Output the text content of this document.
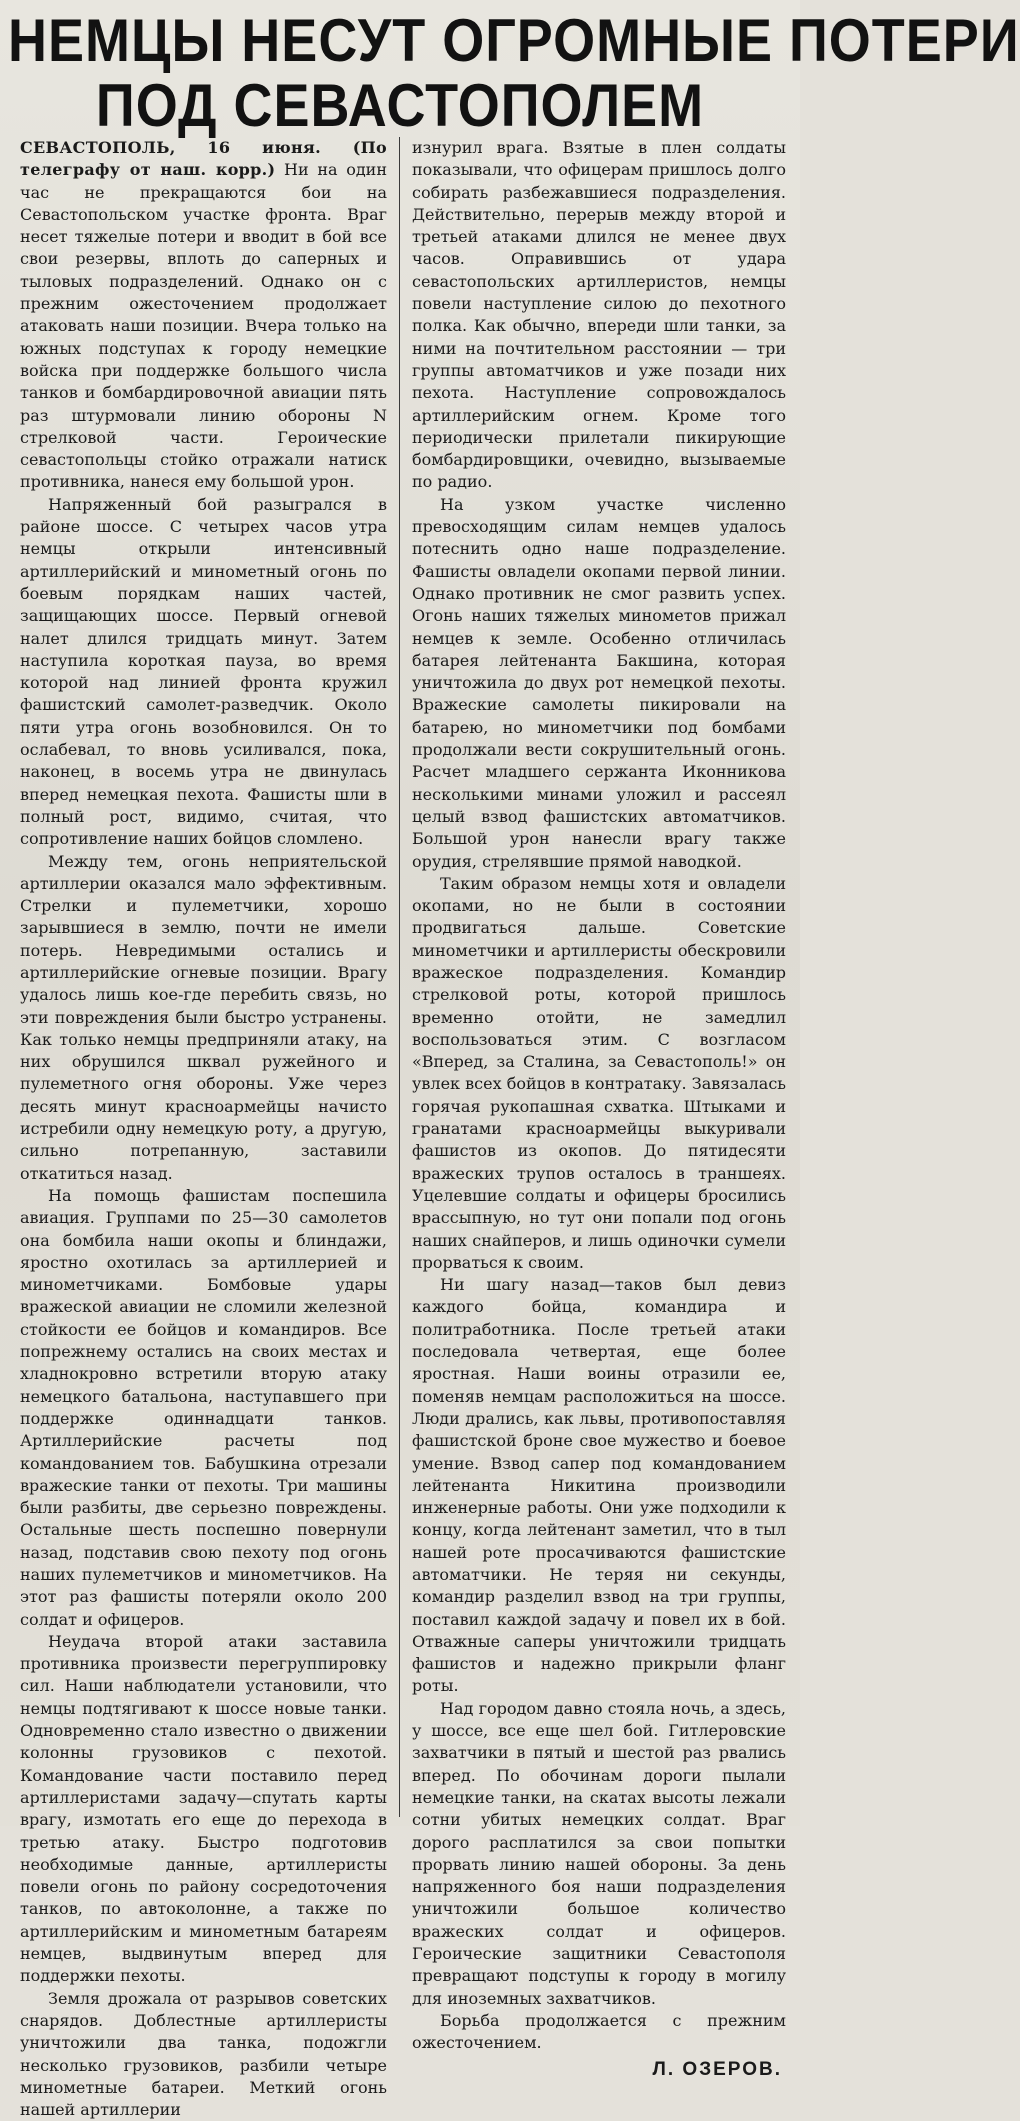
НЕМЦЫ НЕСУТ ОГРОМНЫЕ ПОТЕРИ
ПОД СЕВАСТОПОЛЕМ

СЕВАСТОПОЛЬ, 16 июня. (По телеграфу от наш. корр.) Ни на один час не прекращаются бои на Севастопольском участке фронта. Враг несет тяжелые потери и вводит в бой все свои резервы, вплоть до саперных и тыловых подразделений. Однако он с прежним ожесточением продолжает атаковать наши позиции. Вчера только на южных подступах к городу немецкие войска при поддержке большого числа танков и бомбардировочной авиации пять раз штурмовали линию обороны N стрелковой части. Героические севастопольцы стойко отражали натиск противника, нанеся ему большой урон.

Напряженный бой разыгрался в районе шоссе. С четырех часов утра немцы открыли интенсивный артиллерийский и минометный огонь по боевым порядкам наших частей, защищающих шоссе. Первый огневой налет длился тридцать минут. Затем наступила короткая пауза, во время которой над линией фронта кружил фашистский самолет-разведчик. Около пяти утра огонь возобновился. Он то ослабевал, то вновь усиливался, пока, наконец, в восемь утра не двинулась вперед немецкая пехота. Фашисты шли в полный рост, видимо, считая, что сопротивление наших бойцов сломлено.

Между тем, огонь неприятельской артиллерии оказался мало эффективным. Стрелки и пулеметчики, хорошо зарывшиеся в землю, почти не имели потерь. Невредимыми остались и артиллерийские огневые позиции. Врагу удалось лишь кое-где перебить связь, но эти повреждения были быстро устранены. Как только немцы предприняли атаку, на них обрушился шквал ружейного и пулеметного огня обороны. Уже через десять минут красноармейцы начисто истребили одну немецкую роту, а другую, сильно потрепанную, заставили откатиться назад.

На помощь фашистам поспешила авиация. Группами по 25—30 самолетов она бомбила наши окопы и блиндажи, яростно охотилась за артиллерией и минометчиками. Бомбовые удары вражеской авиации не сломили железной стойкости ее бойцов и командиров. Все попрежнему остались на своих местах и хладнокровно встретили вторую атаку немецкого батальона, наступавшего при поддержке одиннадцати танков. Артиллерийские расчеты под командованием тов. Бабушкина отрезали вражеские танки от пехоты. Три машины были разбиты, две серьезно повреждены. Остальные шесть поспешно повернули назад, подставив свою пехоту под огонь наших пулеметчиков и минометчиков. На этот раз фашисты потеряли около 200 солдат и офицеров.

Неудача второй атаки заставила противника произвести перегруппировку сил. Наши наблюдатели установили, что немцы подтягивают к шоссе новые танки. Одновременно стало известно о движении колонны грузовиков с пехотой. Командование части поставило перед артиллеристами задачу—спутать карты врагу, измотать его еще до перехода в третью атаку. Быстро подготовив необходимые данные, артиллеристы повели огонь по району сосредоточения танков, по автоколонне, а также по артиллерийским и минометным батареям немцев, выдвинутым вперед для поддержки пехоты.

Земля дрожала от разрывов советских снарядов. Доблестные артиллеристы уничтожили два танка, подожгли несколько грузовиков, разбили четыре минометные батареи. Меткий огонь нашей артиллерии

изнурил врага. Взятые в плен солдаты показывали, что офицерам пришлось долго собирать разбежавшиеся подразделения. Действительно, перерыв между второй и третьей атаками длился не менее двух часов. Оправившись от удара севастопольских артиллеристов, немцы повели наступление силою до пехотного полка. Как обычно, впереди шли танки, за ними на почтительном расстоянии — три группы автоматчиков и уже позади них пехота. Наступление сопровождалось артиллерийским огнем. Кроме того периодически прилетали пикирующие бомбардировщики, очевидно, вызываемые по радио.

На узком участке численно превосходящим силам немцев удалось потеснить одно наше подразделение. Фашисты овладели окопами первой линии. Однако противник не смог развить успех. Огонь наших тяжелых минометов прижал немцев к земле. Особенно отличилась батарея лейтенанта Бакшина, которая уничтожила до двух рот немецкой пехоты. Вражеские самолеты пикировали на батарею, но минометчики под бомбами продолжали вести сокрушительный огонь. Расчет младшего сержанта Иконникова несколькими минами уложил и рассеял целый взвод фашистских автоматчиков. Большой урон нанесли врагу также орудия, стрелявшие прямой наводкой.

Таким образом немцы хотя и овладели окопами, но не были в состоянии продвигаться дальше. Советские минометчики и артиллеристы обескровили вражеское подразделения. Командир стрелковой роты, которой пришлось временно отойти, не замедлил воспользоваться этим. С возгласом «Вперед, за Сталина, за Севастополь!» он увлек всех бойцов в контратаку. Завязалась горячая рукопашная схватка. Штыками и гранатами красноармейцы выкуривали фашистов из окопов. До пятидесяти вражеских трупов осталось в траншеях. Уцелевшие солдаты и офицеры бросились врассыпную, но тут они попали под огонь наших снайперов, и лишь одиночки сумели прорваться к своим.

Ни шагу назад—таков был девиз каждого бойца, командира и политработника. После третьей атаки последовала четвертая, еще более яростная. Наши воины отразили ее, поменяв немцам расположиться на шоссе. Люди дрались, как львы, противопоставляя фашистской броне свое мужество и боевое умение. Взвод сапер под командованием лейтенанта Никитина производили инженерные работы. Они уже подходили к концу, когда лейтенант заметил, что в тыл нашей роте просачиваются фашистские автоматчики. Не теряя ни секунды, командир разделил взвод на три группы, поставил каждой задачу и повел их в бой. Отважные саперы уничтожили тридцать фашистов и надежно прикрыли фланг роты.

Над городом давно стояла ночь, а здесь, у шоссе, все еще шел бой. Гитлеровские захватчики в пятый и шестой раз рвались вперед. По обочинам дороги пылали немецкие танки, на скатах высоты лежали сотни убитых немецких солдат. Враг дорого расплатился за свои попытки прорвать линию нашей обороны. За день напряженного боя наши подразделения уничтожили большое количество вражеских солдат и офицеров. Героические защитники Севастополя превращают подступы к городу в могилу для иноземных захватчиков.

Борьба продолжается с прежним ожесточением.

Л. ОЗЕРОВ.
